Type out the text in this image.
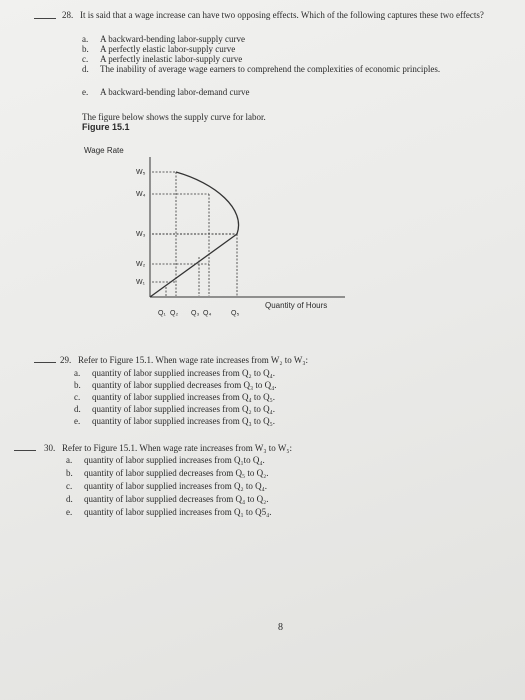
28. It is said that a wage increase can have two opposing effects. Which of the following captures these two effects?
a. A backward-bending labor-supply curve
b. A perfectly elastic labor-supply curve
c. A perfectly inelastic labor-supply curve
d.	The inability of average wage earners to comprehend the complexities of economic principles.
e. A backward-bending labor-demand curve
The figure below shows the supply curve for labor.
Figure 15.1
Wage Rate
Quantity of Hours
W₅
W₄
W₃
W₂
W₁
Q₁ Q₂ Q₃ Q₄	Q₅
29. Refer to Figure 15.1. When wage rate increases from W₂ to W₃:
a. quantity of labor supplied increases from Q₂ to Q₄.
b. quantity of labor supplied decreases from Q₃ to Q₄.
c. quantity of labor supplied increases from Q₄ to Q₅.
d. quantity of labor supplied increases from Q₂ to Q₄.
e. quantity of labor supplied increases from Q₃ to Q₅.
30. Refer to Figure 15.1. When wage rate increases from W₃ to W₅:
a. quantity of labor supplied increases from Q₁to Q₄.
b. quantity of labor supplied decreases from Q₅ to Q₂.
c. quantity of labor supplied increases from Q₂ to Q₄.
d. quantity of labor supplied decreases from Q₄ to Q₂.
e. quantity of labor supplied increases from Q₁ to Q5₄.
8
